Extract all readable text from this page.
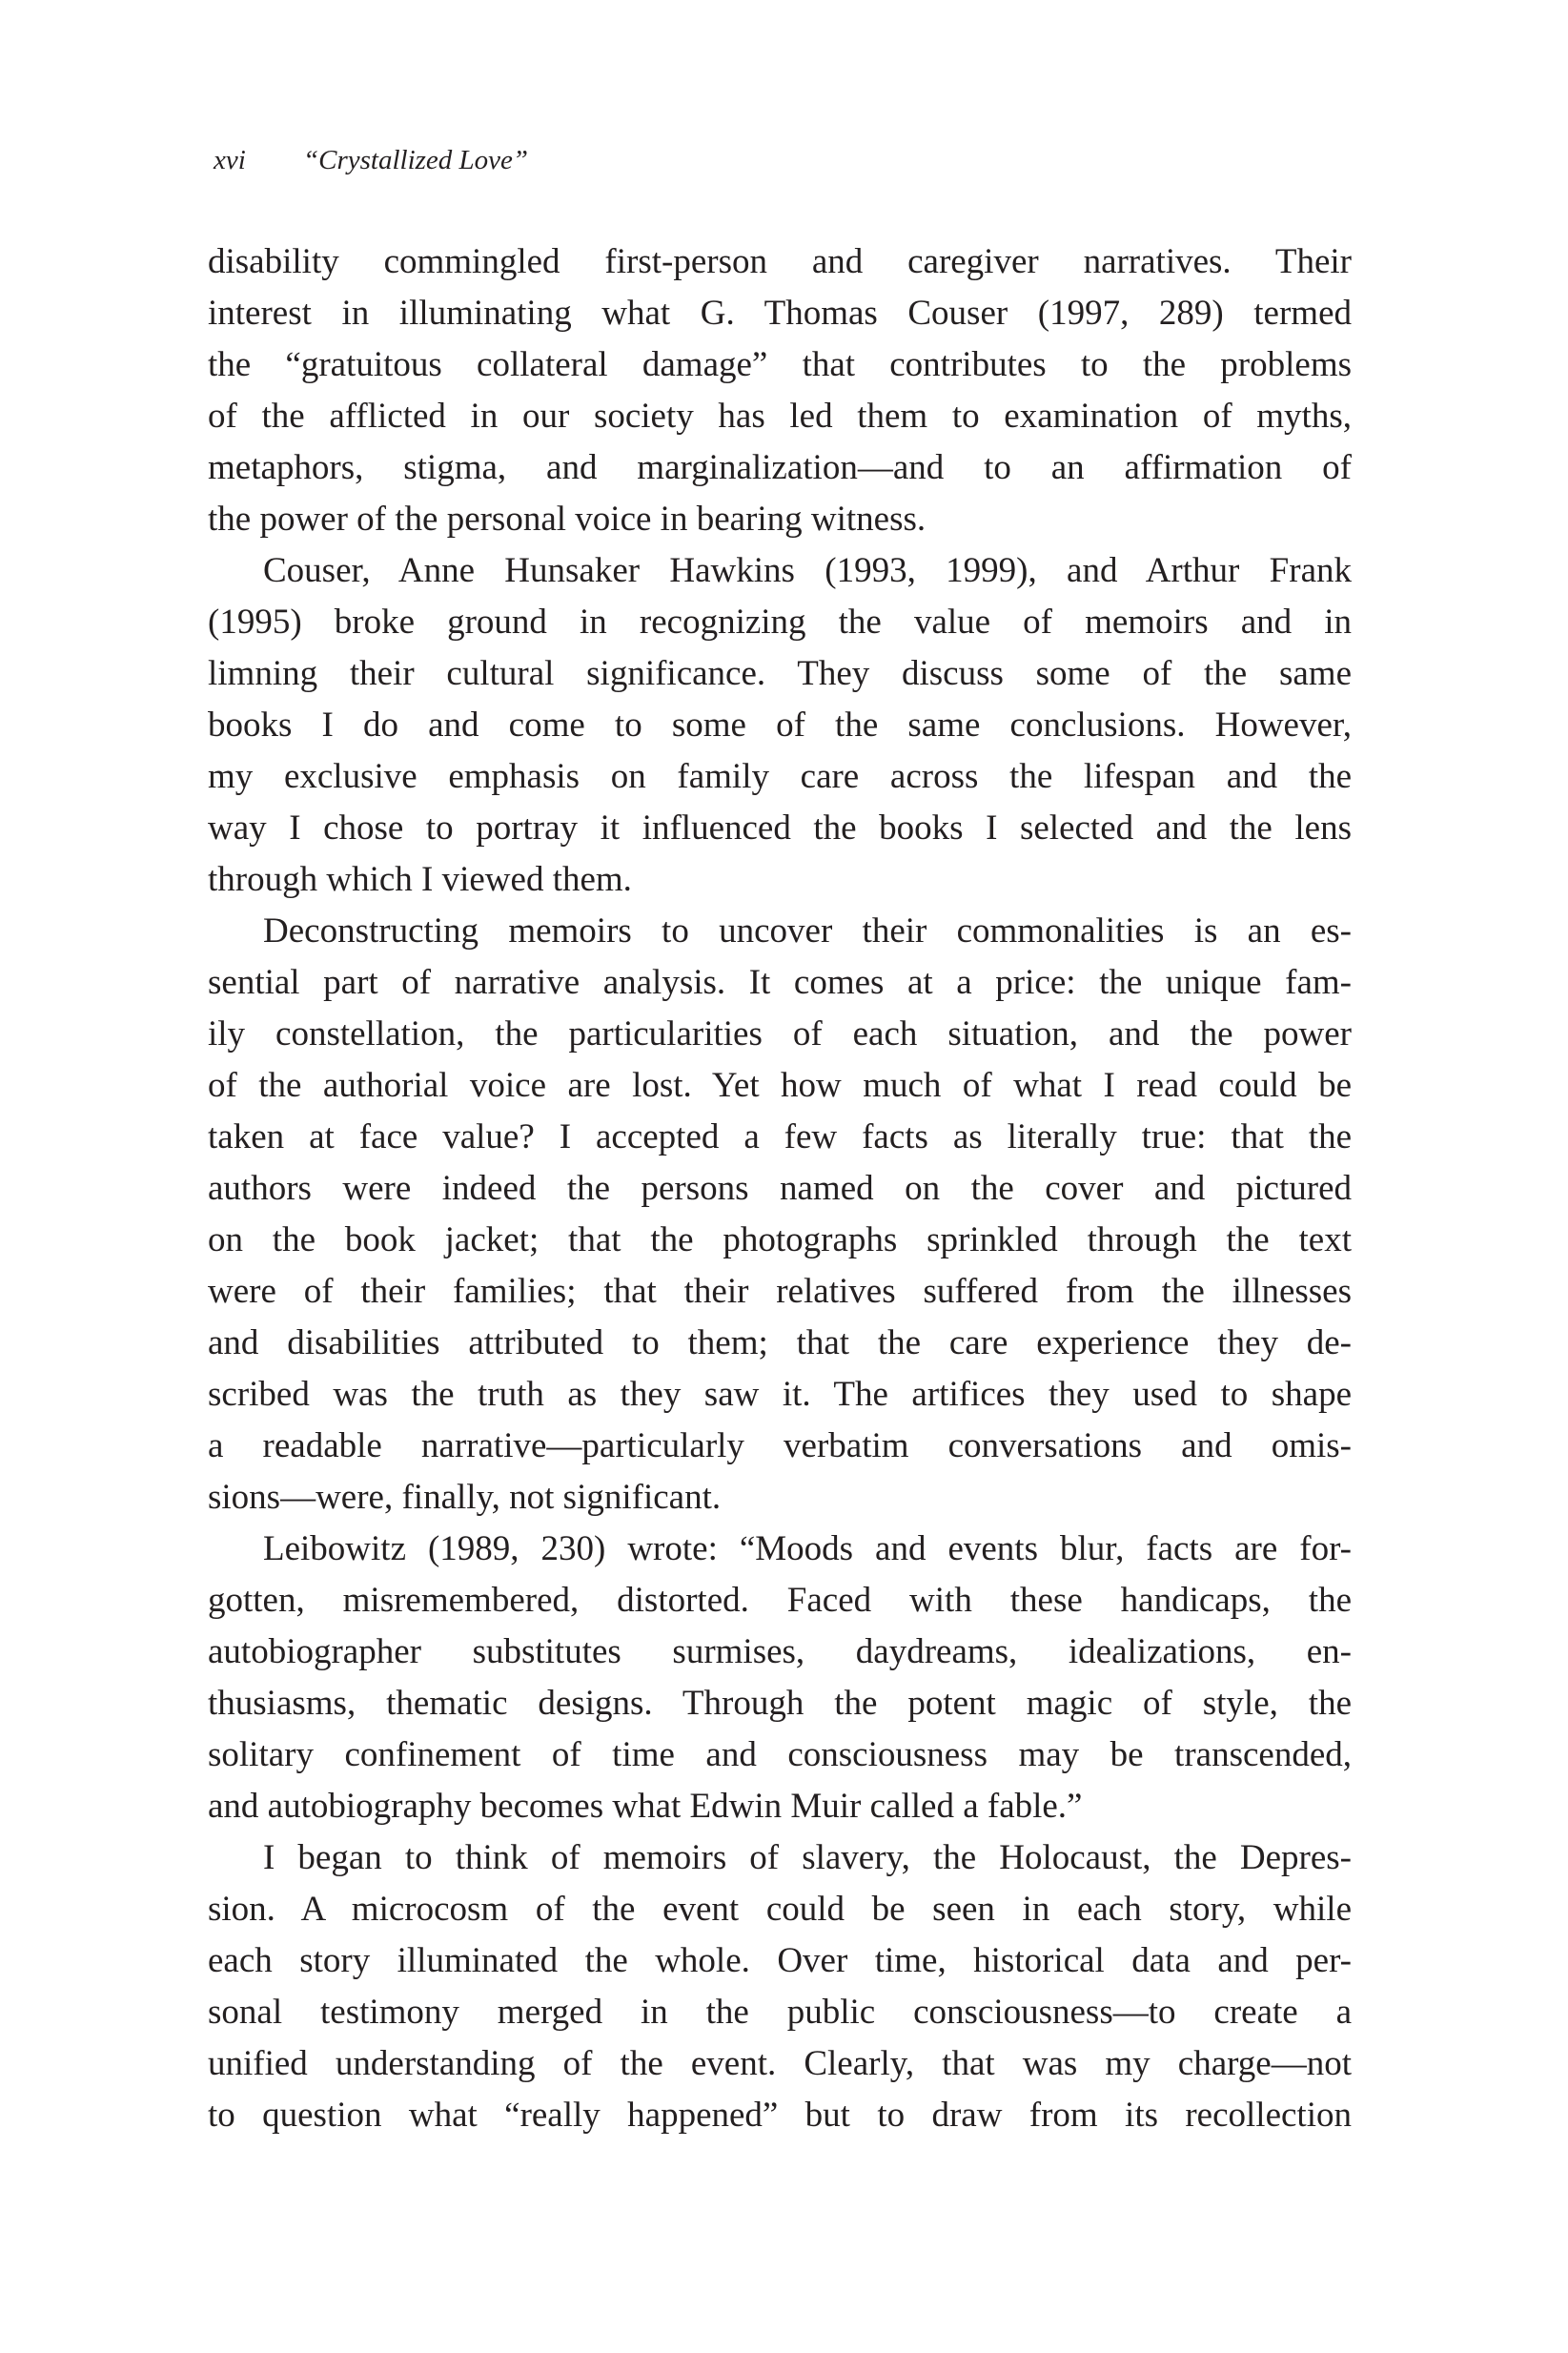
xvi “Crystallized Love”
disability commingled first-person and caregiver narratives. Their
interest in illuminating what G. Thomas Couser (1997, 289) termed
the “gratuitous collateral damage” that contributes to the problems
of the afflicted in our society has led them to examination of myths,
metaphors, stigma, and marginalization—and to an affirmation of
the power of the personal voice in bearing witness.
Couser, Anne Hunsaker Hawkins (1993, 1999), and Arthur Frank
(1995) broke ground in recognizing the value of memoirs and in
limning their cultural significance. They discuss some of the same
books I do and come to some of the same conclusions. However,
my exclusive emphasis on family care across the lifespan and the
way I chose to portray it influenced the books I selected and the lens
through which I viewed them.
Deconstructing memoirs to uncover their commonalities is an es-
sential part of narrative analysis. It comes at a price: the unique fam-
ily constellation, the particularities of each situation, and the power
of the authorial voice are lost. Yet how much of what I read could be
taken at face value? I accepted a few facts as literally true: that the
authors were indeed the persons named on the cover and pictured
on the book jacket; that the photographs sprinkled through the text
were of their families; that their relatives suffered from the illnesses
and disabilities attributed to them; that the care experience they de-
scribed was the truth as they saw it. The artifices they used to shape
a readable narrative—particularly verbatim conversations and omis-
sions—were, finally, not significant.
Leibowitz (1989, 230) wrote: “Moods and events blur, facts are for-
gotten, misremembered, distorted. Faced with these handicaps, the
autobiographer substitutes surmises, daydreams, idealizations, en-
thusiasms, thematic designs. Through the potent magic of style, the
solitary confinement of time and consciousness may be transcended,
and autobiography becomes what Edwin Muir called a fable.”
I began to think of memoirs of slavery, the Holocaust, the Depres-
sion. A microcosm of the event could be seen in each story, while
each story illuminated the whole. Over time, historical data and per-
sonal testimony merged in the public consciousness—to create a
unified understanding of the event. Clearly, that was my charge—not
to question what “really happened” but to draw from its recollection
